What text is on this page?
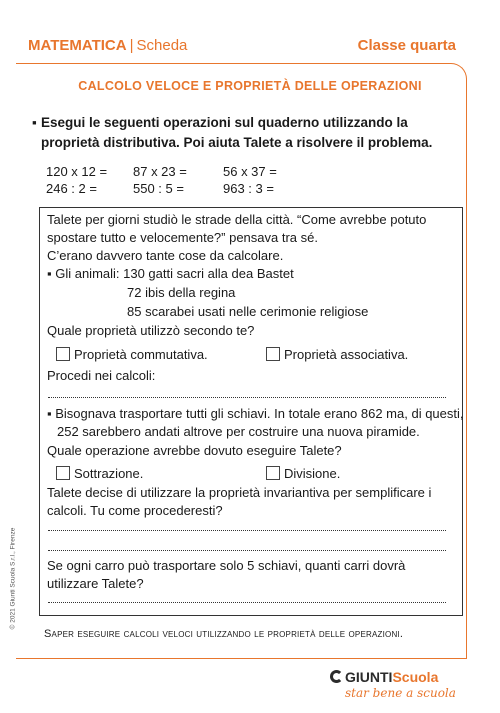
MATEMATICA | Scheda	Classe quarta
CALCOLO VELOCE E PROPRIETÀ DELLE OPERAZIONI
▪ Esegui le seguenti operazioni sul quaderno utilizzando la
proprietà distributiva. Poi aiuta Talete a risolvere il problema.
120 x 12 =	87 x 23 =	56 x 37 =
246 : 2 =	550 : 5 =	963 : 3 =
Talete per giorni studiò le strade della città. “Come avrebbe potuto
spostare tutto e velocemente?” pensava tra sé.
C’erano davvero tante cose da calcolare.
▪ Gli animali: 130 gatti sacri alla dea Bastet
72 ibis della regina
85 scarabei usati nelle cerimonie religiose
Quale proprietà utilizzò secondo te?
Proprietà commutativa.	Proprietà associativa.
Procedi nei calcoli:
▪ Bisognava trasportare tutti gli schiavi. In totale erano 862 ma, di questi,
252 sarebbero andati altrove per costruire una nuova piramide.
Quale operazione avrebbe dovuto eseguire Talete?
Sottrazione.	Divisione.
Talete decise di utilizzare la proprietà invariantiva per semplificare i
calcoli. Tu come procederesti?
Se ogni carro può trasportare solo 5 schiavi, quanti carri dovrà
utilizzare Talete?
Saper eseguire calcoli veloci utilizzando le proprietà delle operazioni.
© 2021 Giunti Scuola S.r.l., Firenze
GIUNTIScuola
star bene a scuola
